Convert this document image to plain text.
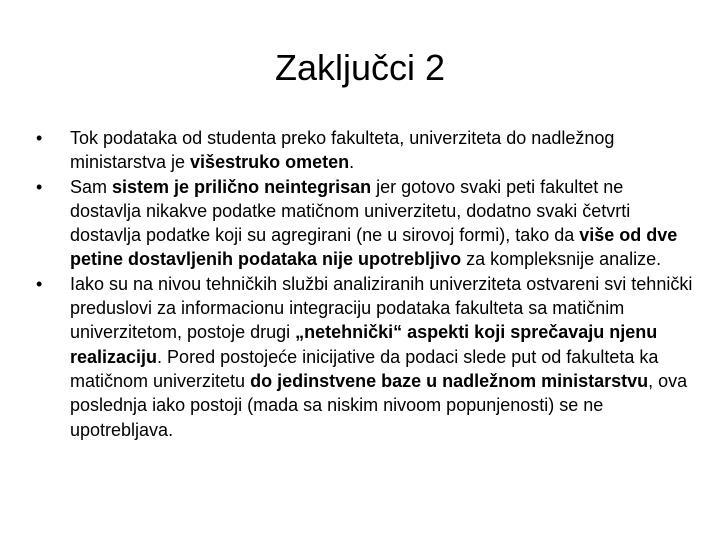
Zaključci 2
•	Tok podataka od studenta preko fakulteta, univerziteta do nadležnog ministarstva je višestruko ometen.
•	Sam sistem je prilično neintegrisan jer gotovo svaki peti fakultet ne dostavlja nikakve podatke matičnom univerzitetu, dodatno svaki četvrti dostavlja podatke koji su agregirani (ne u sirovoj formi), tako da više od dve petine dostavljenih podataka nije upotrebljivo za kompleksnije analize.
•	Iako su na nivou tehničkih službi analiziranih univerziteta ostvareni svi tehnički preduslovi za informacionu integraciju podataka fakulteta sa matičnim univerzitetom, postoje drugi „netehnički“ aspekti koji sprečavaju njenu realizaciju. Pored postojeće inicijative da podaci slede put od fakulteta ka matičnom univerzitetu do jedinstvene baze u nadležnom ministarstvu, ova poslednja iako postoji (mada sa niskim nivoom popunjenosti) se ne upotrebljava.
